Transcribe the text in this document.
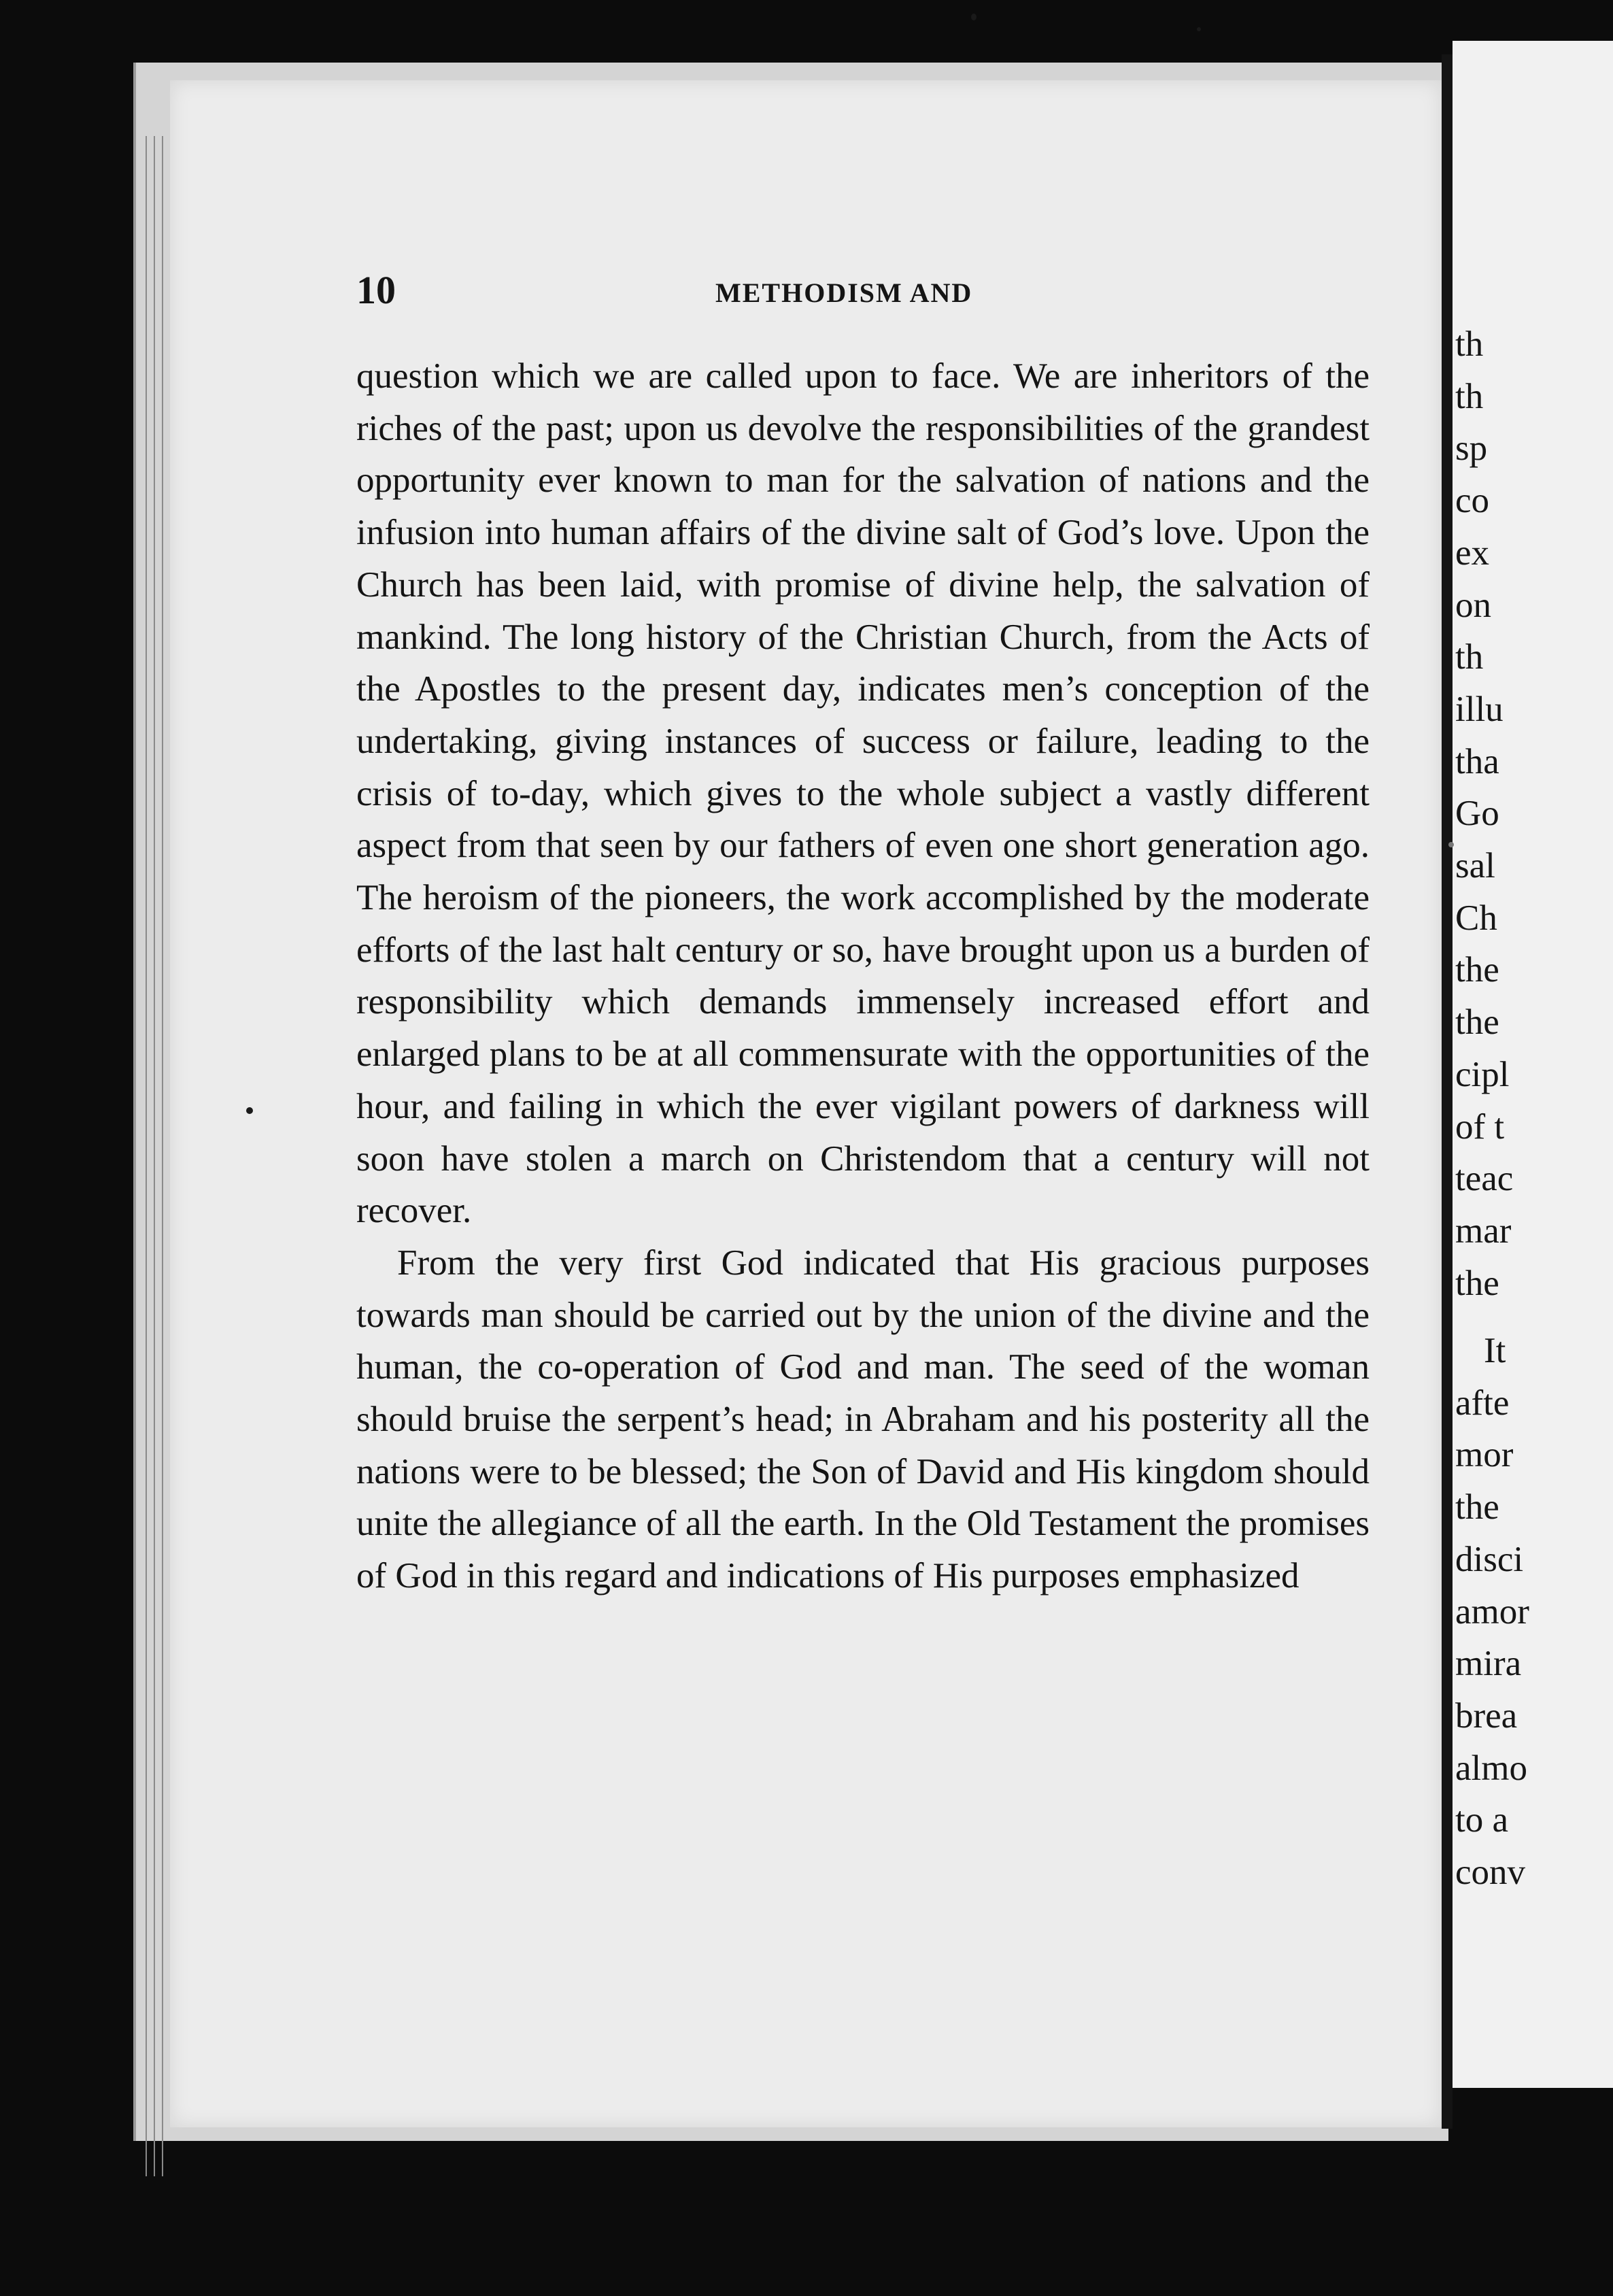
th
th
sp
co
ex
on
th
illu
tha
Go
sal
Ch
the
the
cipl
of t
teac
mar
the
It
afte
mor
the
disci
amor
mira
brea
almo
to a
conv
10	METHODISM AND

question which we are called upon to face. We are inheritors of the riches of the past; upon us devolve the responsibilities of the grandest opportunity ever known to man for the salvation of nations and the infusion into human affairs of the divine salt of God’s love. Upon the Church has been laid, with promise of divine help, the salvation of mankind. The long history of the Christian Church, from the Acts of the Apostles to the present day, indicates men’s conception of the undertaking, giving instances of success or failure, leading to the crisis of to-day, which gives to the whole subject a vastly different aspect from that seen by our fathers of even one short generation ago. The heroism of the pioneers, the work accomplished by the moderate efforts of the last halt century or so, have brought upon us a burden of responsibility which demands immensely increased effort and enlarged plans to be at all commensurate with the opportunities of the hour, and failing in which the ever vigilant powers of darkness will soon have stolen a march on Christendom that a century will not recover.

From the very first God indicated that His gracious purposes towards man should be carried out by the union of the divine and the human, the co-operation of God and man. The seed of the woman should bruise the serpent’s head; in Abraham and his posterity all the nations were to be blessed; the Son of David and His kingdom should unite the allegiance of all the earth. In the Old Testament the promises of God in this regard and indications of His purposes emphasized
